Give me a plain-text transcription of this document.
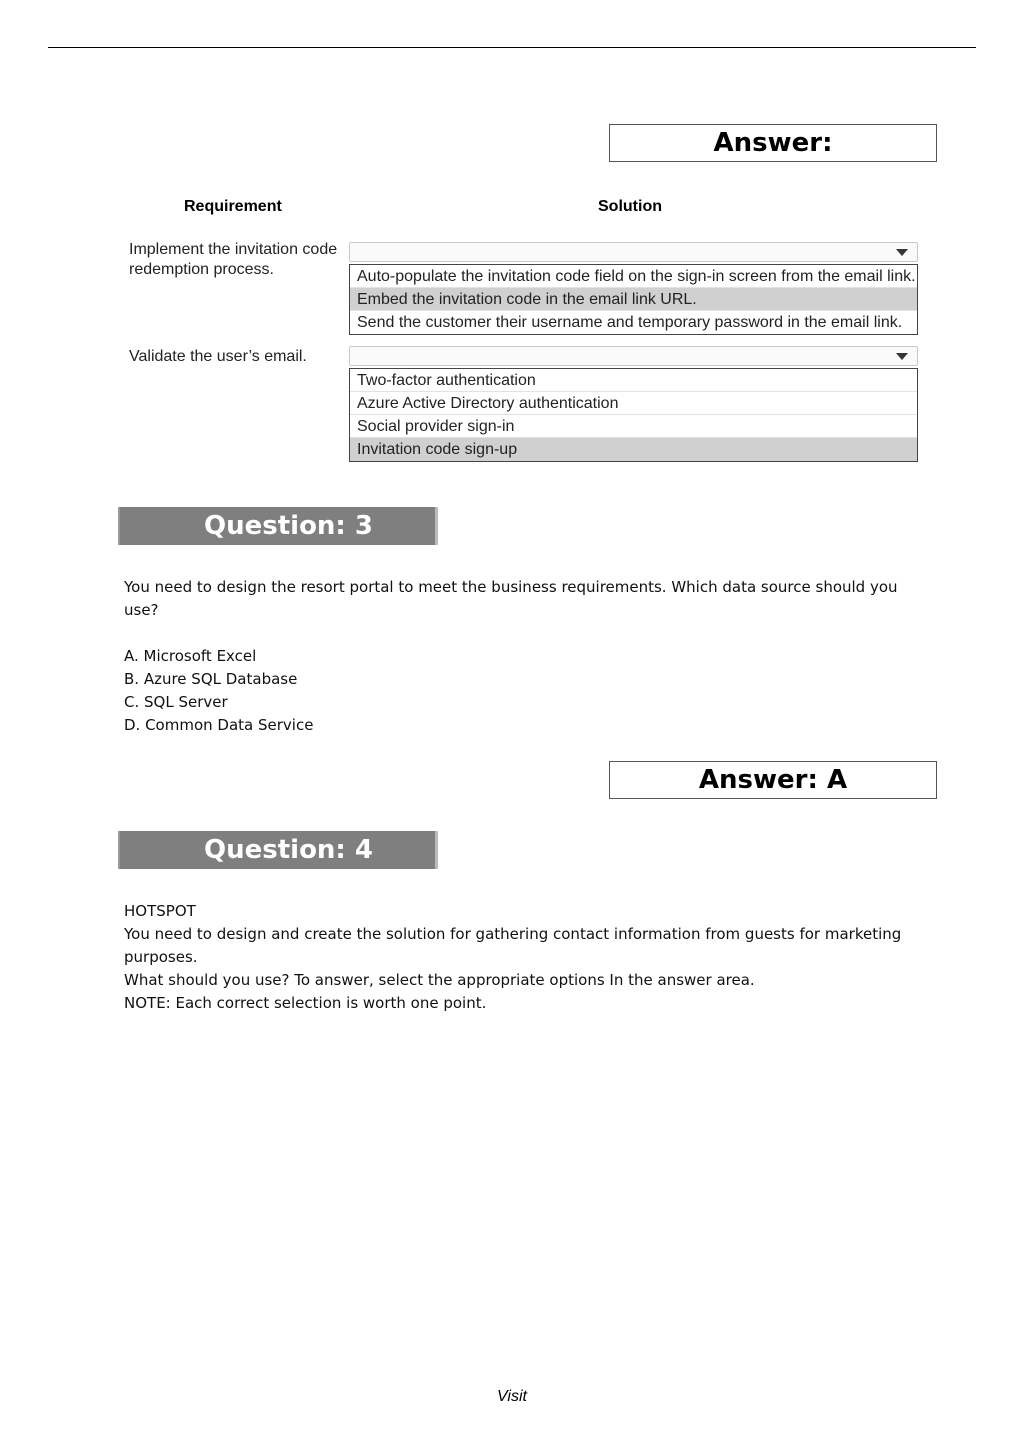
Answer:
Requirement	Solution
Implement the invitation code redemption process.	Auto-populate the invitation code field on the sign-in screen from the email link.
Embed the invitation code in the email link URL.
Send the customer their username and temporary password in the email link.
Validate the user’s email.
Two-factor authentication
Azure Active Directory authentication
Social provider sign-in
Invitation code sign-up
Question: 3

You need to design the resort portal to meet the business requirements. Which data source should you use?

A. Microsoft Excel

B. Azure SQL Database

C. SQL Server

D. Common Data Service

Answer: A
Question: 4

HOTSPOT

You need to design and create the solution for gathering contact information from guests for marketing purposes.

What should you use? To answer, select the appropriate options In the answer area.

NOTE: Each correct selection is worth one point.

Visit
